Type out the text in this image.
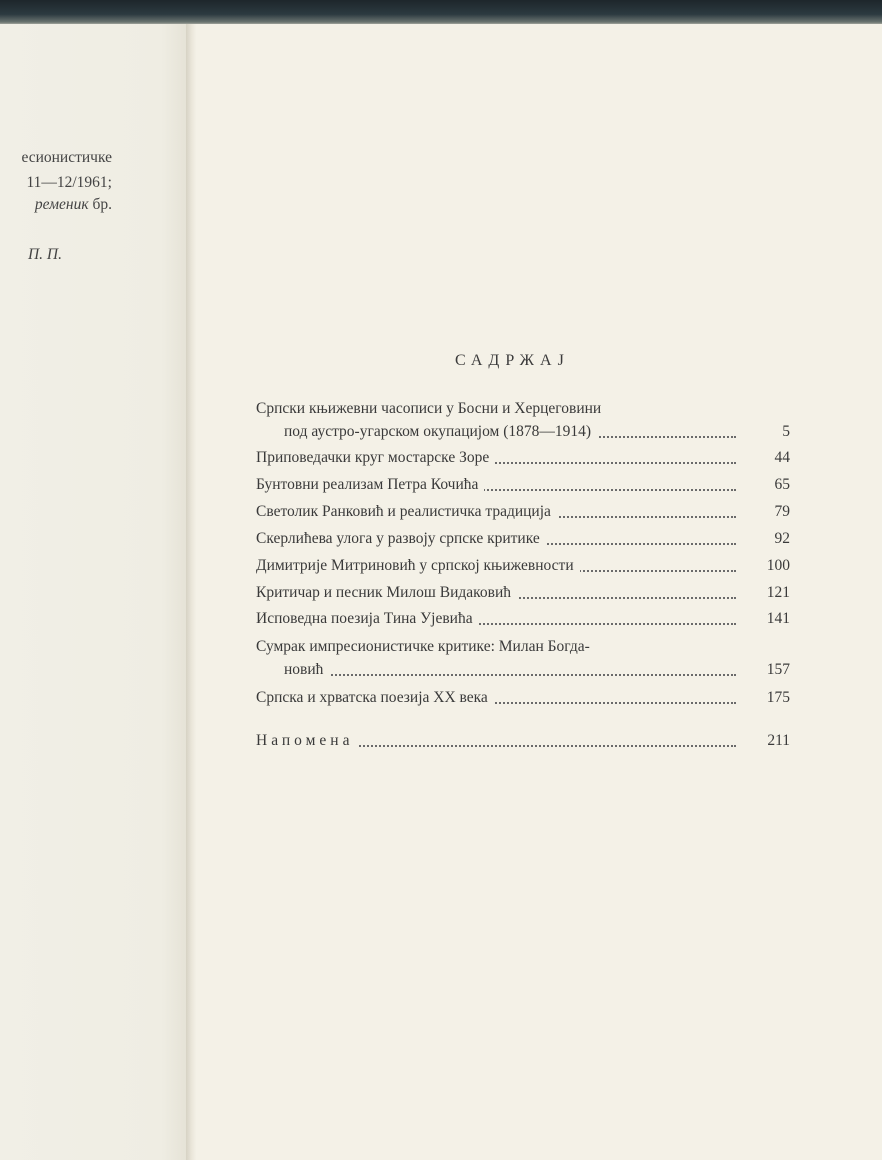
есионистичке
11—12/1961;
ременик бр.
П. П.
САДРЖАЈ
Српски књижевни часописи у Босни и Херцеговини
под аустро-угарском окупацијом (1878—1914)	5
Приповедачки круг мостарске Зоре	44
Бунтовни реализам Петра Кочића	65
Светолик Ранковић и реалистичка традиција	79
Скерлићева улога у развоју српске критике	92
Димитрије Митриновић у српској књижевности	100
Критичар и песник Милош Видаковић	121
Исповедна поезија Тина Ујевића	141
Сумрак импресионистичке критике: Милан Богда-
новић	157
Српска и хрватска поезија XX века	175
Напомена	211
